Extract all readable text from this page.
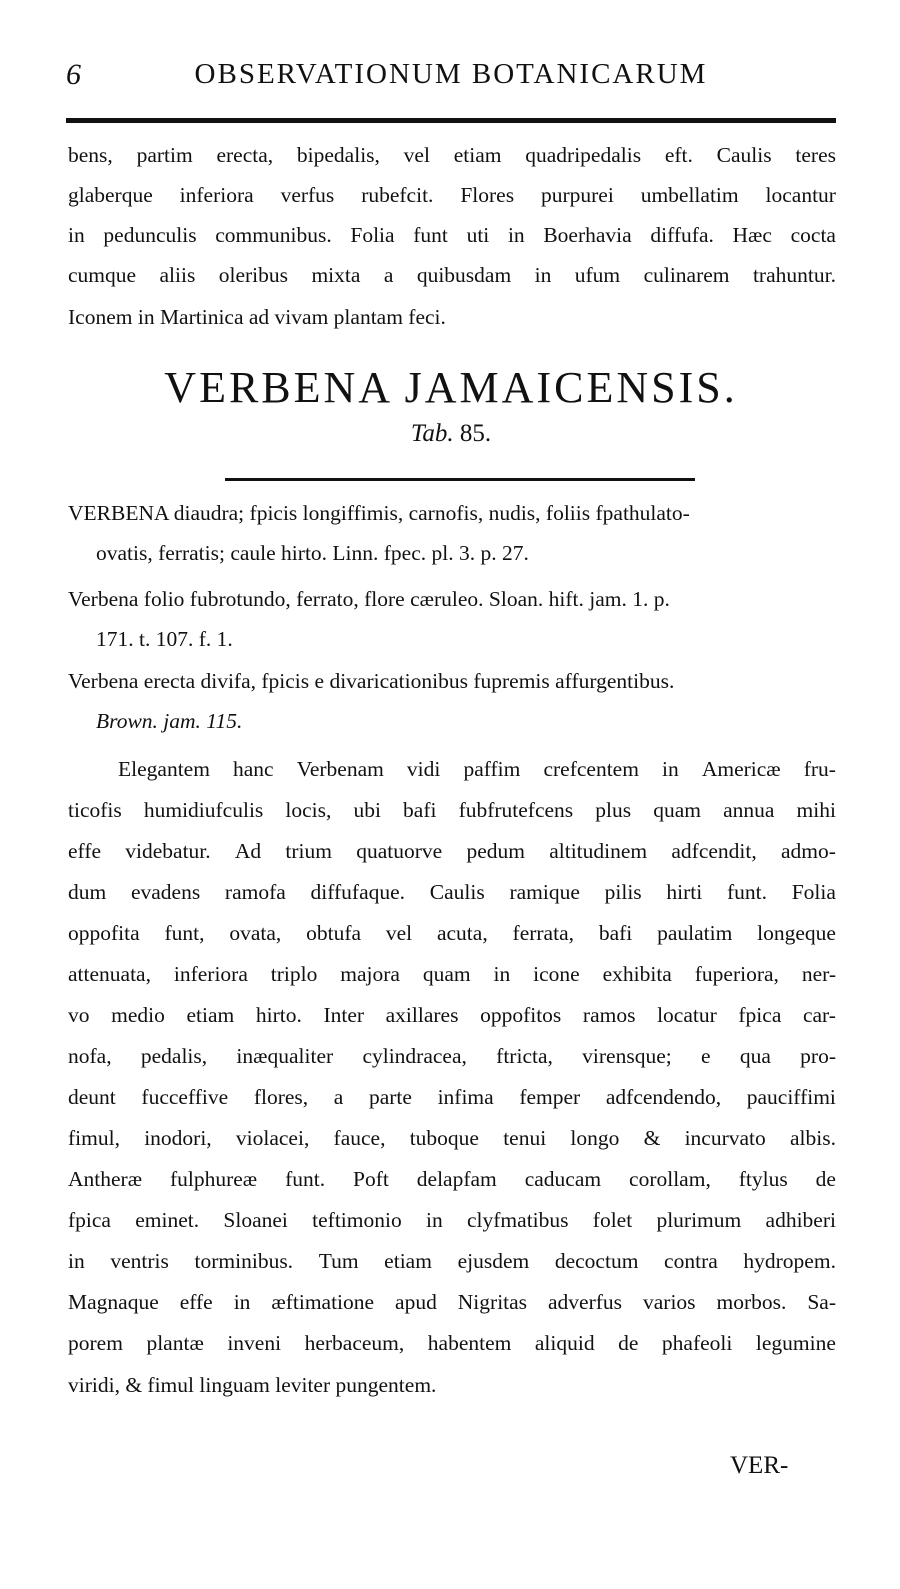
6	OBSERVATIONUM BOTANICARUM
bens, partim erecta, bipedalis, vel etiam quadripedalis eft. Caulis teres
glaberque inferiora verfus rubefcit. Flores purpurei umbellatim locantur
in pedunculis communibus. Folia funt uti in Boerhavia diffufa. Hæc cocta
cumque aliis oleribus mixta a quibusdam in ufum culinarem trahuntur.
Iconem in Martinica ad vivam plantam feci.
VERBENA JAMAICENSIS.
Tab. 85.
VERBENA diaudra; fpicis longiffimis, carnofis, nudis, foliis fpathulato-
ovatis, ferratis; caule hirto. Linn. fpec. pl. 3. p. 27.
Verbena folio fubrotundo, ferrato, flore cæruleo. Sloan. hift. jam. 1. p.
171. t. 107. f. 1.
Verbena erecta divifa, fpicis e divaricationibus fupremis affurgentibus.
Brown. jam. 115.
Elegantem hanc Verbenam vidi paffim crefcentem in Americæ fru-
ticofis humidiufculis locis, ubi bafi fubfrutefcens plus quam annua mihi
effe videbatur. Ad trium quatuorve pedum altitudinem adfcendit, admo-
dum evadens ramofa diffufaque. Caulis ramique pilis hirti funt. Folia
oppofita funt, ovata, obtufa vel acuta, ferrata, bafi paulatim longeque
attenuata, inferiora triplo majora quam in icone exhibita fuperiora, ner-
vo medio etiam hirto. Inter axillares oppofitos ramos locatur fpica car-
nofa, pedalis, inæqualiter cylindracea, ftricta, virensque; e qua pro-
deunt fucceffive flores, a parte infima femper adfcendendo, pauciffimi
fimul, inodori, violacei, fauce, tuboque tenui longo & incurvato albis.
Antheræ fulphureæ funt. Poft delapfam caducam corollam, ftylus de
fpica eminet. Sloanei teftimonio in clyfmatibus folet plurimum adhiberi
in ventris torminibus. Tum etiam ejusdem decoctum contra hydropem.
Magnaque effe in æftimatione apud Nigritas adverfus varios morbos. Sa-
porem plantæ inveni herbaceum, habentem aliquid de phafeoli legumine
viridi, & fimul linguam leviter pungentem.
VER-
